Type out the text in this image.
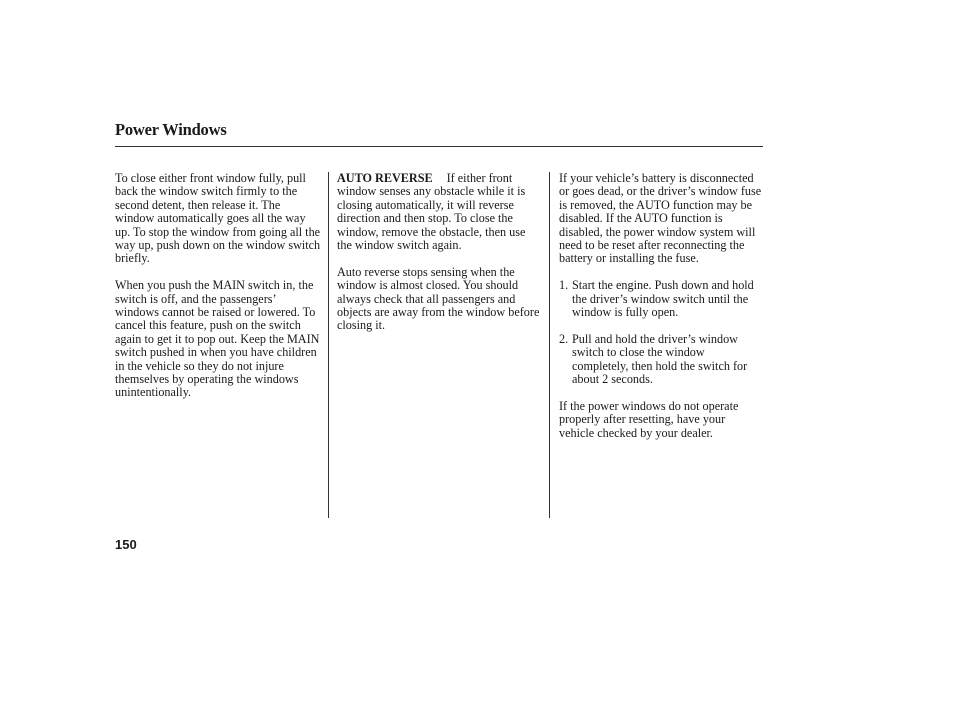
Power Windows

To close either front window fully, pull back the window switch firmly to the second detent, then release it. The window automatically goes all the way up. To stop the window from going all the way up, push down on the window switch briefly.

When you push the MAIN switch in, the switch is off, and the passengers’ windows cannot be raised or lowered. To cancel this feature, push on the switch again to get it to pop out. Keep the MAIN switch pushed in when you have children in the vehicle so they do not injure themselves by operating the windows unintentionally.

AUTO REVERSE If either front window senses any obstacle while it is closing automatically, it will reverse direction and then stop. To close the window, remove the obstacle, then use the window switch again.

Auto reverse stops sensing when the window is almost closed. You should always check that all passengers and objects are away from the window before closing it.

If your vehicle’s battery is disconnected or goes dead, or the driver’s window fuse is removed, the AUTO function may be disabled. If the AUTO function is disabled, the power window system will need to be reset after reconnecting the battery or installing the fuse.

1. Start the engine. Push down and hold the driver’s window switch until the window is fully open.

2. Pull and hold the driver’s window switch to close the window completely, then hold the switch for about 2 seconds.

If the power windows do not operate properly after resetting, have your vehicle checked by your dealer.

150
